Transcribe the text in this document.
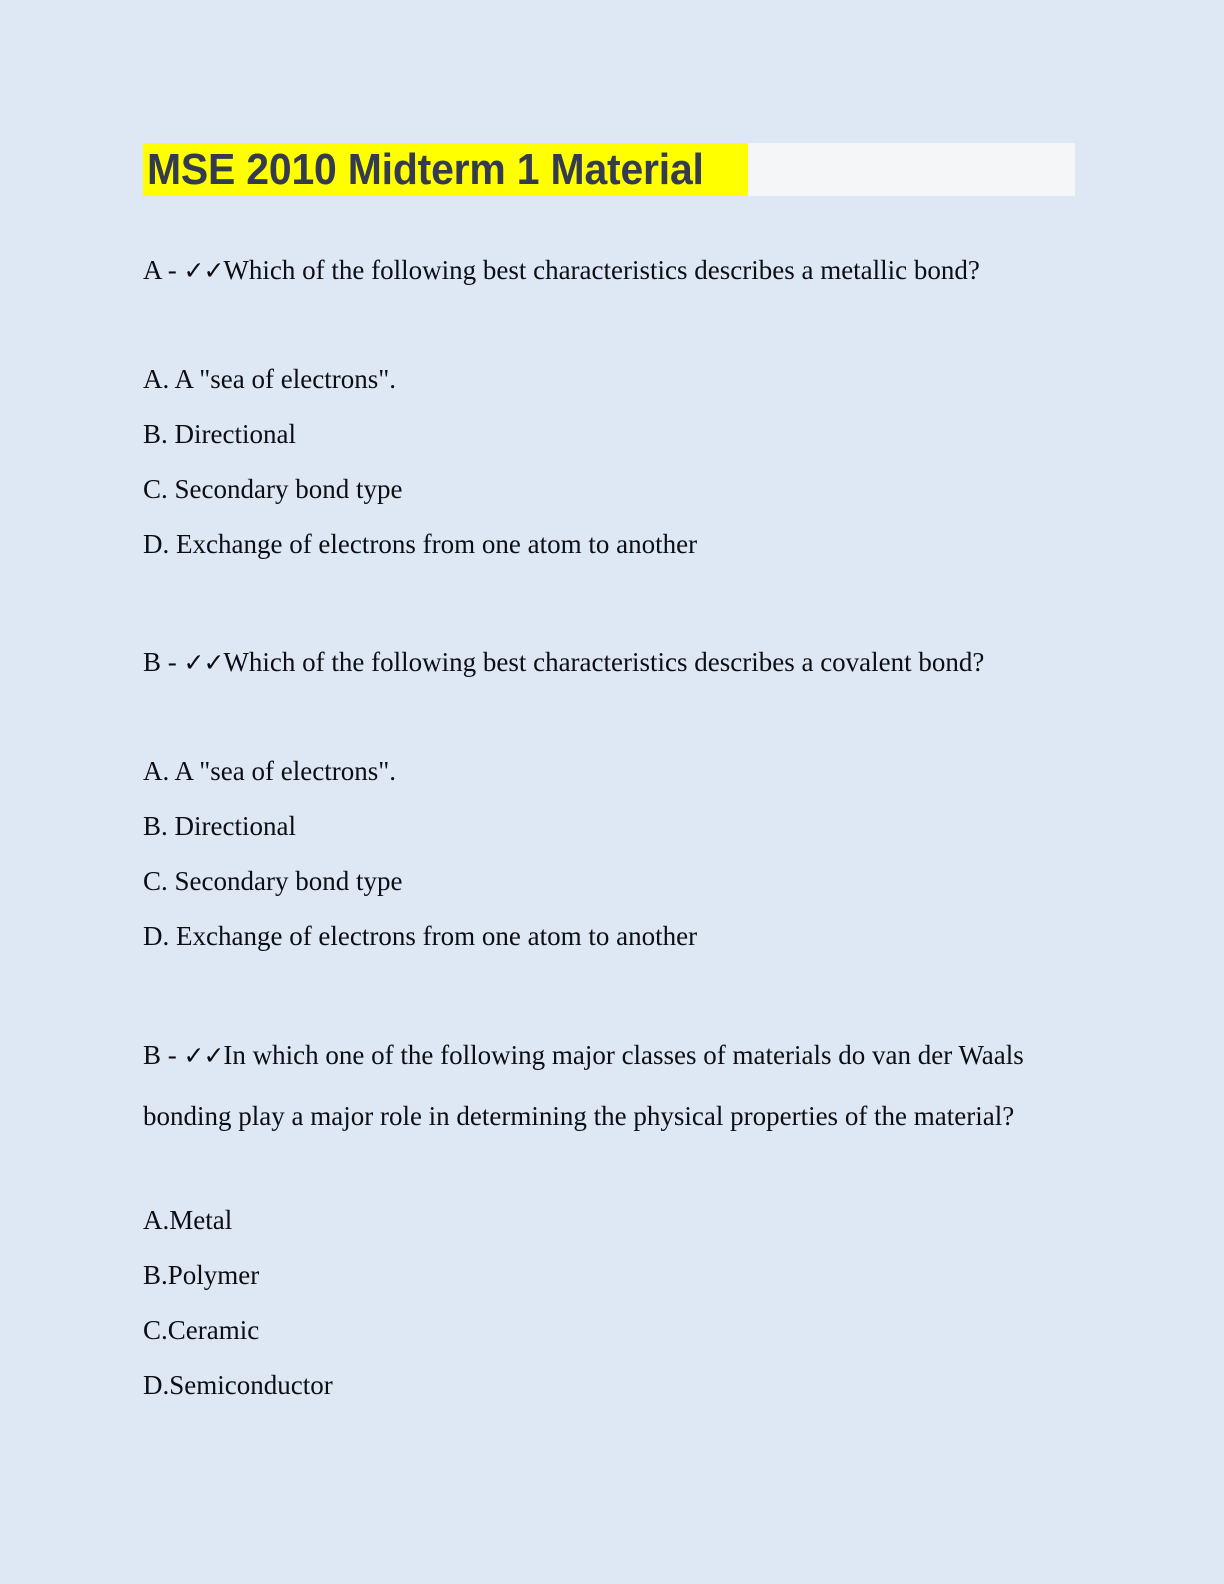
MSE 2010 Midterm 1 Material

A - ✓✓Which of the following best characteristics describes a metallic bond?

A. A "sea of electrons".
B. Directional
C. Secondary bond type
D. Exchange of electrons from one atom to another

B - ✓✓Which of the following best characteristics describes a covalent bond?

A. A "sea of electrons".
B. Directional
C. Secondary bond type
D. Exchange of electrons from one atom to another

B - ✓✓In which one of the following major classes of materials do van der Waals bonding play a major role in determining the physical properties of the material?

A.Metal
B.Polymer
C.Ceramic
D.Semiconductor
